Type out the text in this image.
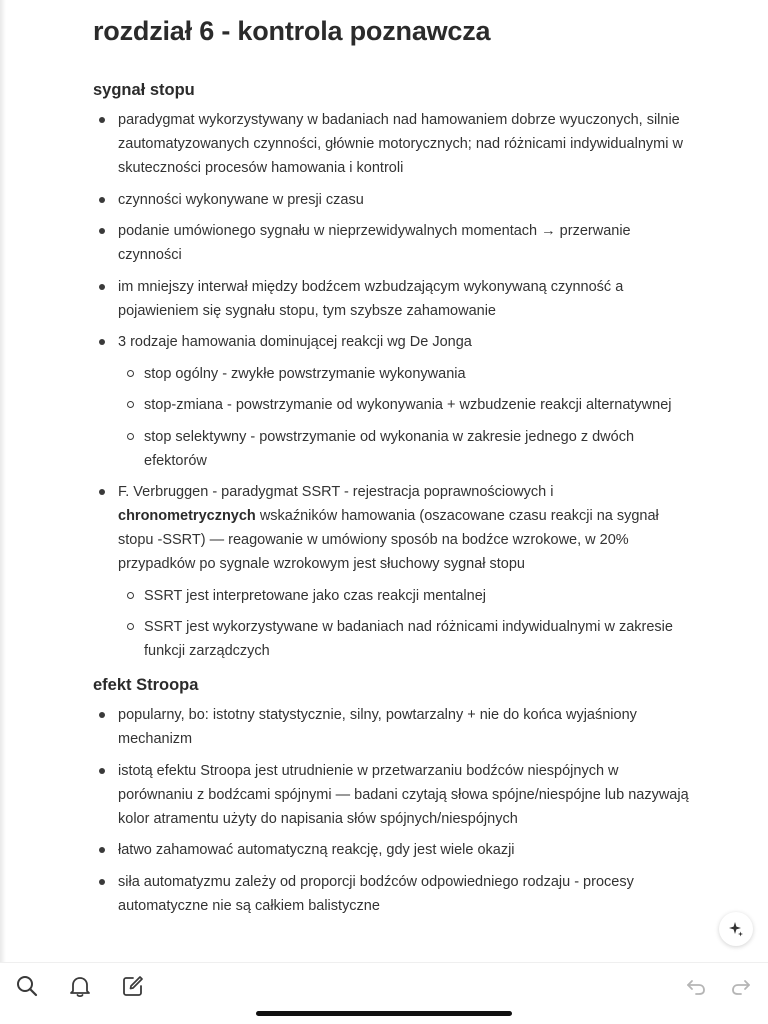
rozdział 6 - kontrola poznawcza
sygnał stopu
paradygmat wykorzystywany w badaniach nad hamowaniem dobrze wyuczonych, silnie zautomatyzowanych czynności, głównie motorycznych; nad różnicami indywidualnymi w skuteczności procesów hamowania i kontroli
czynności wykonywane w presji czasu
podanie umówionego sygnału w nieprzewidywalnych momentach → przerwanie czynności
im mniejszy interwał między bodźcem wzbudzającym wykonywaną czynność a pojawieniem się sygnału stopu, tym szybsze zahamowanie
3 rodzaje hamowania dominującej reakcji wg De Jonga
stop ogólny - zwykłe powstrzymanie wykonywania
stop-zmiana - powstrzymanie od wykonywania + wzbudzenie reakcji alternatywnej
stop selektywny - powstrzymanie od wykonania w zakresie jednego z dwóch efektorów
F. Verbruggen - paradygmat SSRT - rejestracja poprawnościowych i chronometrycznych wskaźników hamowania (oszacowane czasu reakcji na sygnał stopu -SSRT) — reagowanie w umówiony sposób na bodźce wzrokowe, w 20% przypadków po sygnale wzrokowym jest słuchowy sygnał stopu
SSRT jest interpretowane jako czas reakcji mentalnej
SSRT jest wykorzystywane w badaniach nad różnicami indywidualnymi w zakresie funkcji zarządczych
efekt Stroopa
popularny, bo: istotny statystycznie, silny, powtarzalny + nie do końca wyjaśniony mechanizm
istotą efektu Stroopa jest utrudnienie w przetwarzaniu bodźców niespójnych w porównaniu z bodźcami spójnymi — badani czytają słowa spójne/niespójne lub nazywają kolor atramentu użyty do napisania słów spójnych/niespójnych
łatwo zahamować automatyczną reakcję, gdy jest wiele okazji
siła automatyzmu zależy od proporcji bodźców odpowiedniego rodzaju - procesy automatyczne nie są całkiem balistyczne
